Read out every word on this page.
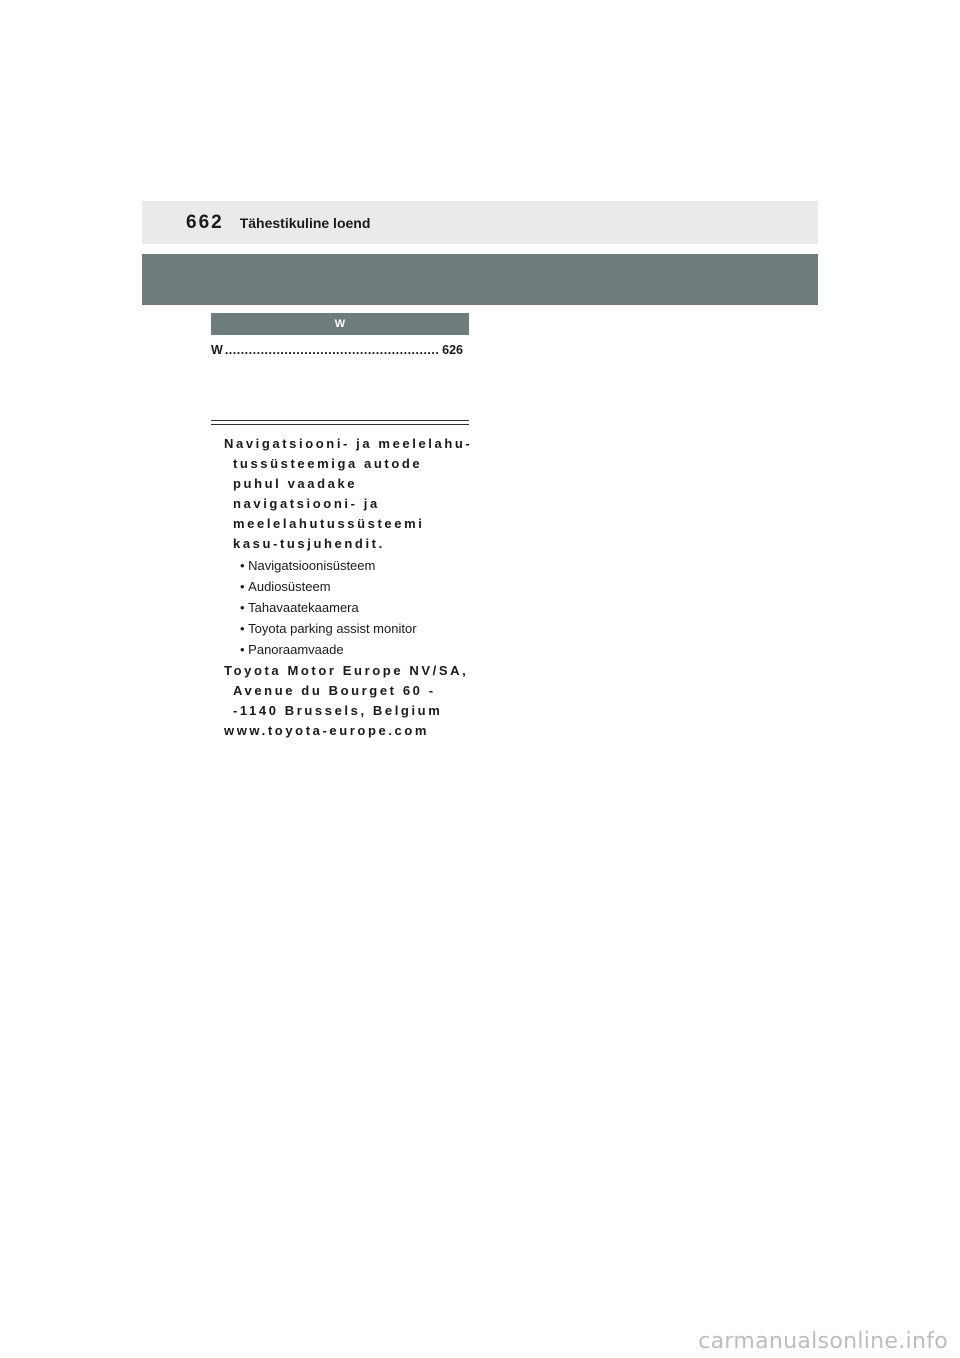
662 Tähestikuline loend
W
W
.....	626

Navigatsiooni- ja meelelahu-tussüsteemiga autode puhul vaadake navigatsiooni- ja meelelahutussüsteemi kasu-tusjuhendit.

• Navigatsioonisüsteem
• Audiosüsteem
• Tahavaatekaamera
• Toyota parking assist monitor
• Panoraamvaade

Toyota Motor Europe NV/SA, Avenue du Bourget 60 - -1140 Brussels, Belgium

www.toyota-europe.com

carmanualsonline.info
